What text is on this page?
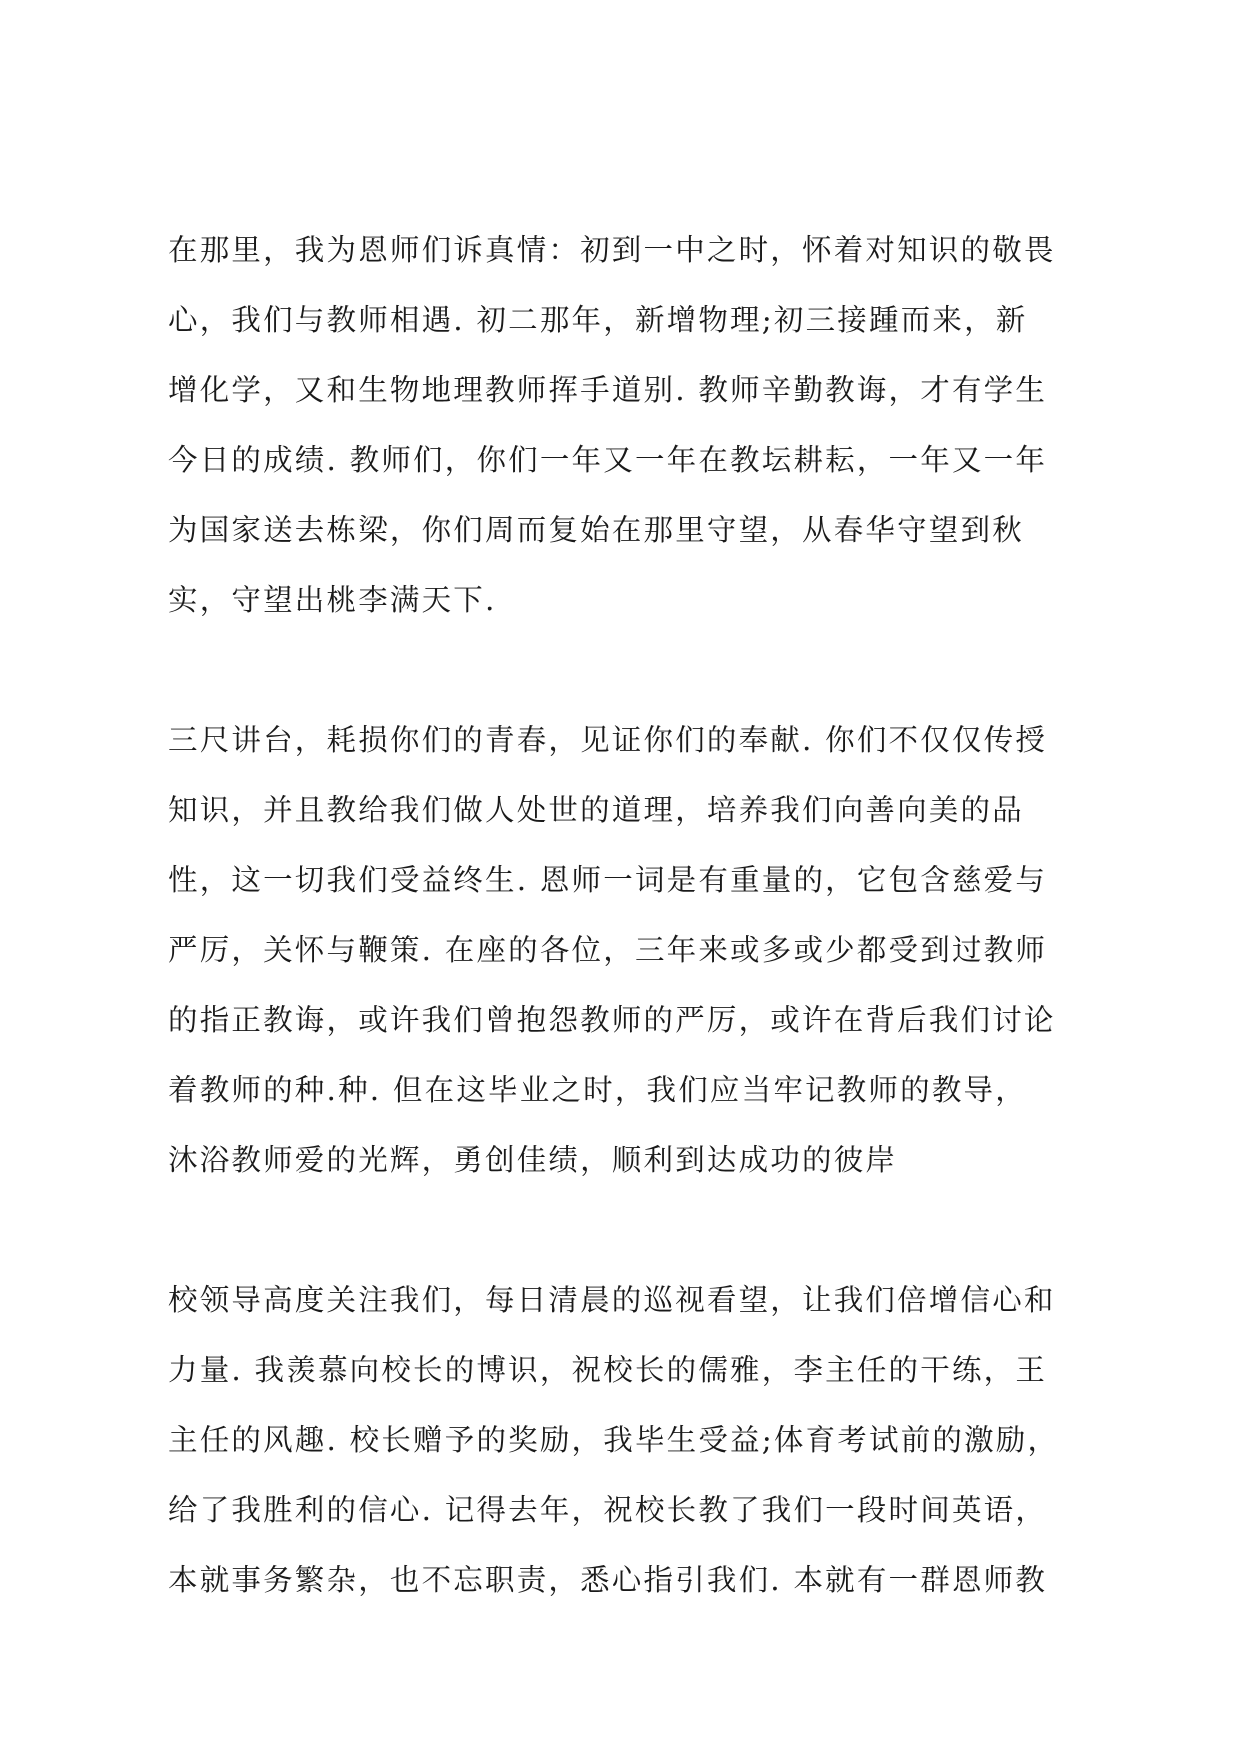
在那里，我为恩师们诉真情：初到一中之时，怀着对知识的敬畏
心，我们与教师相遇. 初二那年，新增物理;初三接踵而来，新
增化学，又和生物地理教师挥手道别. 教师辛勤教诲，才有学生
今日的成绩. 教师们，你们一年又一年在教坛耕耘，一年又一年
为国家送去栋梁，你们周而复始在那里守望，从春华守望到秋
实，守望出桃李满天下.
三尺讲台，耗损你们的青春，见证你们的奉献. 你们不仅仅传授
知识，并且教给我们做人处世的道理，培养我们向善向美的品
性，这一切我们受益终生. 恩师一词是有重量的，它包含慈爱与
严厉，关怀与鞭策. 在座的各位，三年来或多或少都受到过教师
的指正教诲，或许我们曾抱怨教师的严厉，或许在背后我们讨论
着教师的种.种. 但在这毕业之时，我们应当牢记教师的教导，
沐浴教师爱的光辉，勇创佳绩，顺利到达成功的彼岸
校领导高度关注我们，每日清晨的巡视看望，让我们倍增信心和
力量. 我羡慕向校长的博识，祝校长的儒雅，李主任的干练，王
主任的风趣. 校长赠予的奖励，我毕生受益;体育考试前的激励，
给了我胜利的信心. 记得去年，祝校长教了我们一段时间英语，
本就事务繁杂，也不忘职责，悉心指引我们. 本就有一群恩师教
